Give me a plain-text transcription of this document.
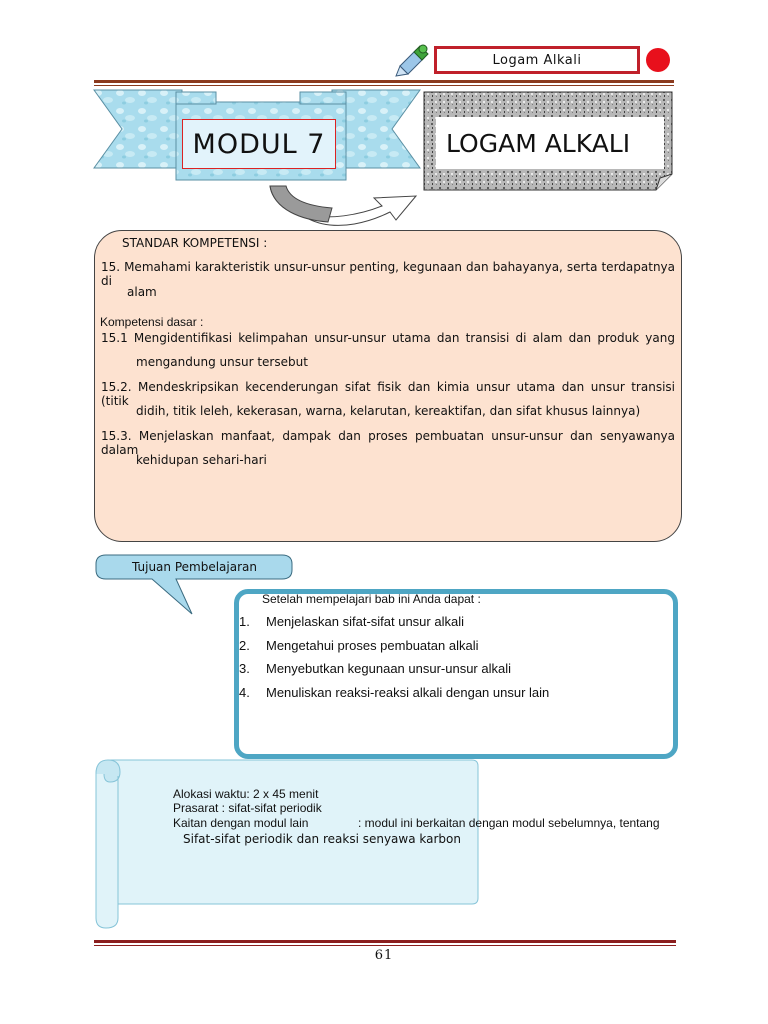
Logam Alkali
MODUL 7	LOGAM ALKALI
STANDAR KOMPETENSI :
15. Memahami karakteristik unsur-unsur penting, kegunaan dan bahayanya, serta terdapatnya di
alam
Kompetensi dasar :
15.1 Mengidentifikasi kelimpahan unsur-unsur utama dan transisi di alam dan produk yang
mengandung unsur tersebut
15.2. Mendeskripsikan kecenderungan sifat fisik dan kimia unsur utama dan unsur transisi (titik
didih, titik leleh, kekerasan, warna, kelarutan, kereaktifan, dan sifat khusus lainnya)
15.3. Menjelaskan manfaat, dampak dan proses pembuatan unsur-unsur dan senyawanya dalam
kehidupan sehari-hari
Tujuan Pembelajaran
Setelah mempelajari bab ini Anda dapat :
1. Menjelaskan sifat-sifat unsur alkali
2. Mengetahui proses pembuatan alkali
3. Menyebutkan kegunaan unsur-unsur alkali
4. Menuliskan reaksi-reaksi alkali dengan unsur lain
Alokasi waktu: 2 x 45 menit
Prasarat : sifat-sifat periodik
Kaitan dengan modul lain	: modul ini berkaitan dengan modul sebelumnya, tentang
Sifat-sifat periodik dan reaksi senyawa karbon
61
